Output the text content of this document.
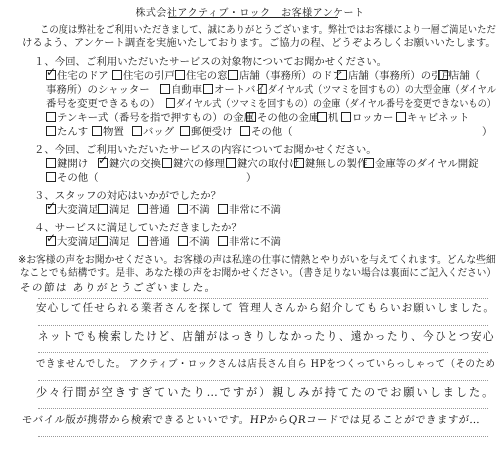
株式会社アクティブ・ロック　お客様アンケート
この度は弊社をご利用いただきまして、誠にありがとうございます。弊社ではお客様により一層ご満足いただ
けるよう、アンケート調査を実施いたしております。ご協力の程、どうぞよろしくお願いいたします。
１、今回、ご利用いただいたサービスの対象物についてお聞かせください。
✓ 住宅のドア	住宅の引戸	住宅の窓	店舗（事務所）のドア 店舗（事務所）の引戸
店舗（
事務所）のシャッター	自動車	オートバイ ダイヤル式（ツマミを回すもの）の大型金庫（ダイヤル
番号を変更できるもの）	ダイヤル式（ツマミを回すもの）の金庫（ダイヤル番号を変更できないもの）
テンキー式（番号を指で押すもの）の金庫 その他の金庫 机	ロッカー	キャビネット
たんす	物置	バッグ	郵便受け	その他（	）
２、今回、ご利用いただいたサービスの内容についてお聞かせください。
鍵開け ✓ 鍵穴の交換	鍵穴の修理	鍵穴の取付け 鍵無しの製作 金庫等のダイヤル開錠
その他（	）
３、スタッフの対応はいかがでしたか？
✓ 大変満足	満足	普通	不満	非常に不満
４、サービスに満足していただきましたか？
✓ 大変満足	満足	普通	不満	非常に不満
※お客様の声をお聞かせください。お客様の声は私達の仕事に情熱とやりがいを与えてくれます。どんな些細
なことでも結構です。是非、あなた様の声をお聞かせください。（書き足りない場合は裏面にご記入ください）
その節は ありがとうございました。
安心して任せられる業者さんを探して 管理人さんから紹介してもらいお願いしました。
ネットでも検索したけど、店舗がはっきりしなかったり、遠かったり、今ひとつ安心
できませんでした。 アクティブ・ロックさんは店長さん自ら HPをつくっていらっしゃって（そのため
少々行間が空きすぎていたり…ですが）親しみが持てたのでお願いしました。
モバイル版が携帯から検索できるといいです。HPからQRコードでは見ることができますが…
